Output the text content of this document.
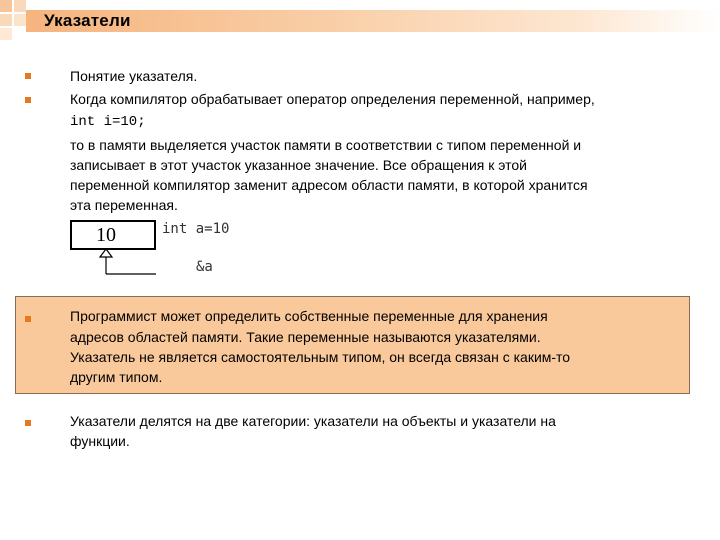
Указатели
Понятие указателя.
Когда компилятор обрабатывает оператор определения переменной, например,
int i=10;
то в памяти выделяется участок памяти в соответствии с типом переменной и
записывает в этот участок указанное значение. Все обращения к этой
переменной компилятор заменит адресом области памяти, в которой хранится
эта переменная.
10	int a=10
&a
Программист может определить собственные переменные для хранения
адресов областей памяти. Такие переменные называются указателями.
Указатель не является самостоятельным типом, он всегда связан с каким-то
другим типом.
Указатели делятся на две категории: указатели на объекты и указатели на
функции.
